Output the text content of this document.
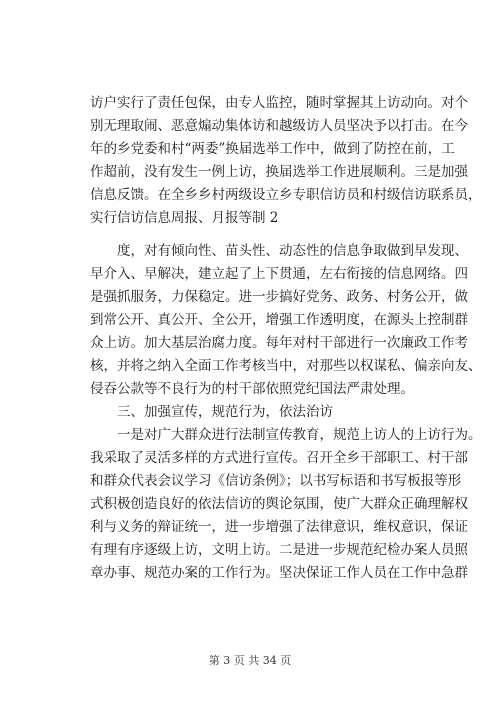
访户实行了责任包保，由专人监控，随时掌握其上访动向。对个
别无理取闹、恶意煽动集体访和越级访人员坚决予以打击。在今
年的乡党委和村“两委”换届选举工作中，做到了防控在前，工
作超前，没有发生一例上访，换届选举工作进展顺利。三是加强
信息反馈。在全乡乡村两级设立乡专职信访员和村级信访联系员，
实行信访信息周报、月报等制 2
度，对有倾向性、苗头性、动态性的信息争取做到早发现、
早介入、早解决，建立起了上下贯通，左右衔接的信息网络。四
是强抓服务，力保稳定。进一步搞好党务、政务、村务公开，做
到常公开、真公开、全公开，增强工作透明度，在源头上控制群
众上访。加大基层治腐力度。每年对村干部进行一次廉政工作考
核，并将之纳入全面工作考核当中，对那些以权谋私、偏亲向友、
侵吞公款等不良行为的村干部依照党纪国法严肃处理。
三、加强宣传，规范行为，依法治访
一是对广大群众进行法制宣传教育，规范上访人的上访行为。
我采取了灵活多样的方式进行宣传。召开全乡干部职工、村干部
和群众代表会议学习《信访条例》；以书写标语和书写板报等形
式积极创造良好的依法信访的舆论氛围，使广大群众正确理解权
利与义务的辩证统一，进一步增强了法律意识，维权意识，保证
有理有序逐级上访，文明上访。二是进一步规范纪检办案人员照
章办事、规范办案的工作行为。坚决保证工作人员在工作中急群
第 3 页 共 34 页
